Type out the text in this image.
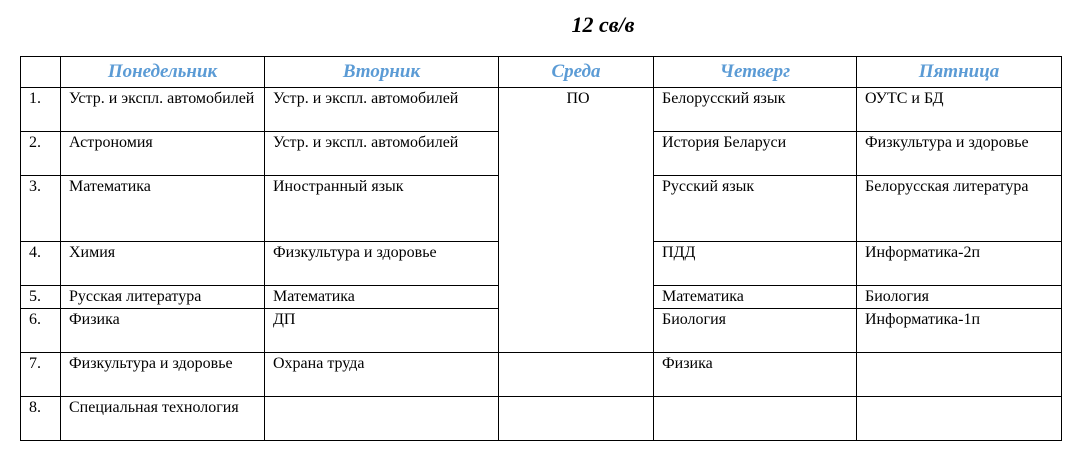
12 св/в
	Понедельник	Вторник	Среда	Четверг	Пятница
1.	Устр. и экспл. автомобилей	Устр. и экспл. автомобилей	ПО	Белорусский язык	ОУТС и БД
2.	Астрономия	Устр. и экспл. автомобилей		История Беларуси	Физкультура и здоровье
3.	Математика	Иностранный язык		Русский язык	Белорусская литература
4.	Химия	Физкультура и здоровье		ПДД	Информатика-2п
5.	Русская литература	Математика		Математика	Биология
6.	Физика	ДП		Биология	Информатика-1п
7.	Физкультура и здоровье	Охрана труда		Физика	
8.	Специальная технология				
